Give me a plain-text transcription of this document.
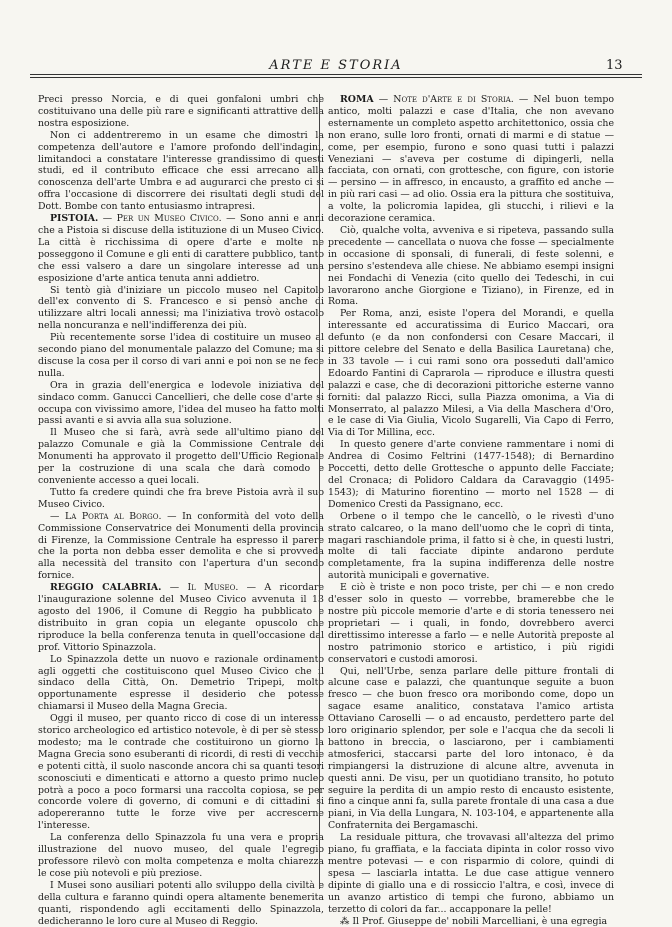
ARTE E STORIA	13

Preci presso Norcia, e di quei gonfaloni umbri che costituivano una delle più rare e significanti attrattive della nostra esposizione.

Non ci addentreremo in un esame che dimostri la competenza dell'autore e l'amore profondo dell'indagini, limitandoci a constatare l'interesse grandissimo di questi studi, ed il contributo efficace che essi arrecano alla conoscenza dell'arte Umbra e ad augurarci che presto ci si offra l'occasione di discorrere dei risultati degli studi del Dott. Bombe con tanto entusiasmo intrapresi.

PISTOIA. — Per un Museo Civico. — Sono anni e anni che a Pistoia si discuse della istituzione di un Museo Civico. La città è ricchissima di opere d'arte e molte ne posseggono il Comune e gli enti di carattere pubblico, tanto che essi valsero a dare un singolare interesse ad una esposizione d'arte antica tenuta anni addietro.

Si tentò già d'iniziare un piccolo museo nel Capitolo dell'ex convento di S. Francesco e si pensò anche di utilizzare altri locali annessi; ma l'iniziativa trovò ostacolo nella noncuranza e nell'indifferenza dei più.

Più recentemente sorse l'idea di costituire un museo al secondo piano del monumentale palazzo del Comune; ma si discuse la cosa per il corso di vari anni e poi non se ne fece nulla.

Ora in grazia dell'energica e lodevole iniziativa del sindaco comm. Ganucci Cancellieri, che delle cose d'arte si occupa con vivissimo amore, l'idea del museo ha fatto molti passi avanti e si avvia alla sua soluzione.

Il Museo che si farà, avrà sede all'ultimo piano del palazzo Comunale e già la Commissione Centrale dei Monumenti ha approvato il progetto dell'Ufficio Regionale per la costruzione di una scala che darà comodo e conveniente accesso a quei locali.

Tutto fa credere quindi che fra breve Pistoia avrà il suo Museo Civico.

— La Porta al Borgo. — In conformità del voto della Commissione Conservatrice dei Monumenti della provincia di Firenze, la Commissione Centrale ha espresso il parere che la porta non debba esser demolita e che si provveda alla necessità del transito con l'apertura d'un secondo fornice.

REGGIO CALABRIA. — Il Museo. — A ricordare l'inaugurazione solenne del Museo Civico avvenuta il 13 agosto del 1906, il Comune di Reggio ha pubblicato e distribuito in gran copia un elegante opuscolo che riproduce la bella conferenza tenuta in quell'occasione dal prof. Vittorio Spinazzola.

Lo Spinazzola dette un nuovo e razionale ordinamento agli oggetti che costituiscono quel Museo Civico che il sindaco della Città, On. Demetrio Tripepi, molto opportunamente espresse il desiderio che potesse chiamarsi il Museo della Magna Grecia.

Oggi il museo, per quanto ricco di cose di un interesse storico archeologico ed artistico notevole, è di per sè stesso modesto; ma le contrade che costituirono un giorno la Magna Grecia sono esuberanti di ricordi, di resti di vecchie e potenti città, il suolo nasconde ancora chi sa quanti tesori sconosciuti e dimenticati e attorno a questo primo nucleo potrà a poco a poco formarsi una raccolta copiosa, se per concorde volere di governo, di comuni e di cittadini si adopereranno tutte le forze vive per accrescerne l'interesse.

La conferenza dello Spinazzola fu una vera e propria illustrazione del nuovo museo, del quale l'egregio professore rilevò con molta competenza e molta chiarezza le cose più notevoli e più preziose.

I Musei sono ausiliari potenti allo sviluppo della civiltà e della cultura e faranno quindi opera altamente benemerita quanti, rispondendo agli eccitamenti dello Spinazzola, dedicheranno le loro cure al Museo di Reggio.

ROMA — Note d'Arte e di Storia. — Nel buon tempo antico, molti palazzi e case d'Italia, che non avevano esternamente un completo aspetto architettonico, ossia che non erano, sulle loro fronti, ornati di marmi e di statue — come, per esempio, furono e sono quasi tutti i palazzi Veneziani — s'aveva per costume di dipingerli, nella facciata, con ornati, con grottesche, con figure, con istorie — persino — in affresco, in encausto, a graffito ed anche — in più rari casi — ad olio. Ossia era la pittura che sostituiva, a volte, la policromia lapidea, gli stucchi, i rilievi e la decorazione ceramica.

Ciò, qualche volta, avveniva e si ripeteva, passando sulla precedente — cancellata o nuova che fosse — specialmente in occasione di sponsali, di funerali, di feste solenni, e persino s'estendeva alle chiese. Ne abbiamo esempi insigni nei Fondachi di Venezia (cito quello dei Tedeschi, in cui lavorarono anche Giorgione e Tiziano), in Firenze, ed in Roma.

Per Roma, anzi, esiste l'opera del Morandi, e quella interessante ed accuratissima di Eurico Maccari, ora defunto (e da non confondersi con Cesare Maccari, il pittore celebre del Senato e della Basilica Lauretana) che, in 33 tavole — i cui rami sono ora posseduti dall'amico Edoardo Fantini di Caprarola — riproduce e illustra questi palazzi e case, che di decorazioni pittoriche esterne vanno forniti: dal palazzo Ricci, sulla Piazza omonima, a Via di Monserrato, al palazzo Milesi, a Via della Maschera d'Oro, e le case di Via Giulia, Vicolo Sugarelli, Via Capo di Ferro, Via di Tor Millina, ecc.

In questo genere d'arte conviene rammentare i nomi di Andrea di Cosimo Feltrini (1477-1548); di Bernardino Poccetti, detto delle Grottesche o appunto delle Facciate; del Cronaca; di Polidoro Caldara da Caravaggio (1495-1543); di Maturino fiorentino — morto nel 1528 — di Domenico Cresti da Passignano, ecc.

Orbene o il tempo che le cancellò, o le rivestì d'uno strato calcareo, o la mano dell'uomo che le coprì di tinta, magari raschiandole prima, il fatto si è che, in questi lustri, molte di tali facciate dipinte andarono perdute completamente, fra la supina indifferenza delle nostre autorità municipali e governative.

E ciò è triste e non poco triste, per chi — e non credo d'esser solo in questo — vorrebbe, bramerebbe che le nostre più piccole memorie d'arte e di storia tenessero nei proprietari — i quali, in fondo, dovrebbero averci direttissimo interesse a farlo — e nelle Autorità preposte al nostro patrimonio storico e artistico, i più rigidi conservatori e custodi amorosi.

Qui, nell'Urbe, senza parlare delle pitture frontali di alcune case e palazzi, che quantunque seguite a buon fresco — che buon fresco ora moribondo come, dopo un sagace esame analitico, constatava l'amico artista Ottaviano Caroselli — o ad encausto, perdettero parte del loro originario splendor, per sole e l'acqua che da secoli li battono in breccia, o lasciarono, per i cambiamenti atmosferici, staccarsi parte del loro intonaco, è da rimpiangersi la distruzione di alcune altre, avvenuta in questi anni. De visu, per un quotidiano transito, ho potuto seguire la perdita di un ampio resto di encausto esistente, fino a cinque anni fa, sulla parete frontale di una casa a due piani, in Via della Lungara, N. 103-104, e appartenente alla Confraternita dei Bergamaschi.

La residuale pittura, che trovavasi all'altezza del primo piano, fu graffiata, e la facciata dipinta in color rosso vivo mentre potevasi — e con risparmio di colore, quindi di spesa — lasciarla intatta. Le due case attigue vennero dipinte di giallo una e di rossiccio l'altra, e così, invece di un avanzo artistico di tempi che furono, abbiamo un terzetto di colori da far... accapponare la pelle!

⁂ Il Prof. Giuseppe de' nobili Marcelliani, è una egregia
